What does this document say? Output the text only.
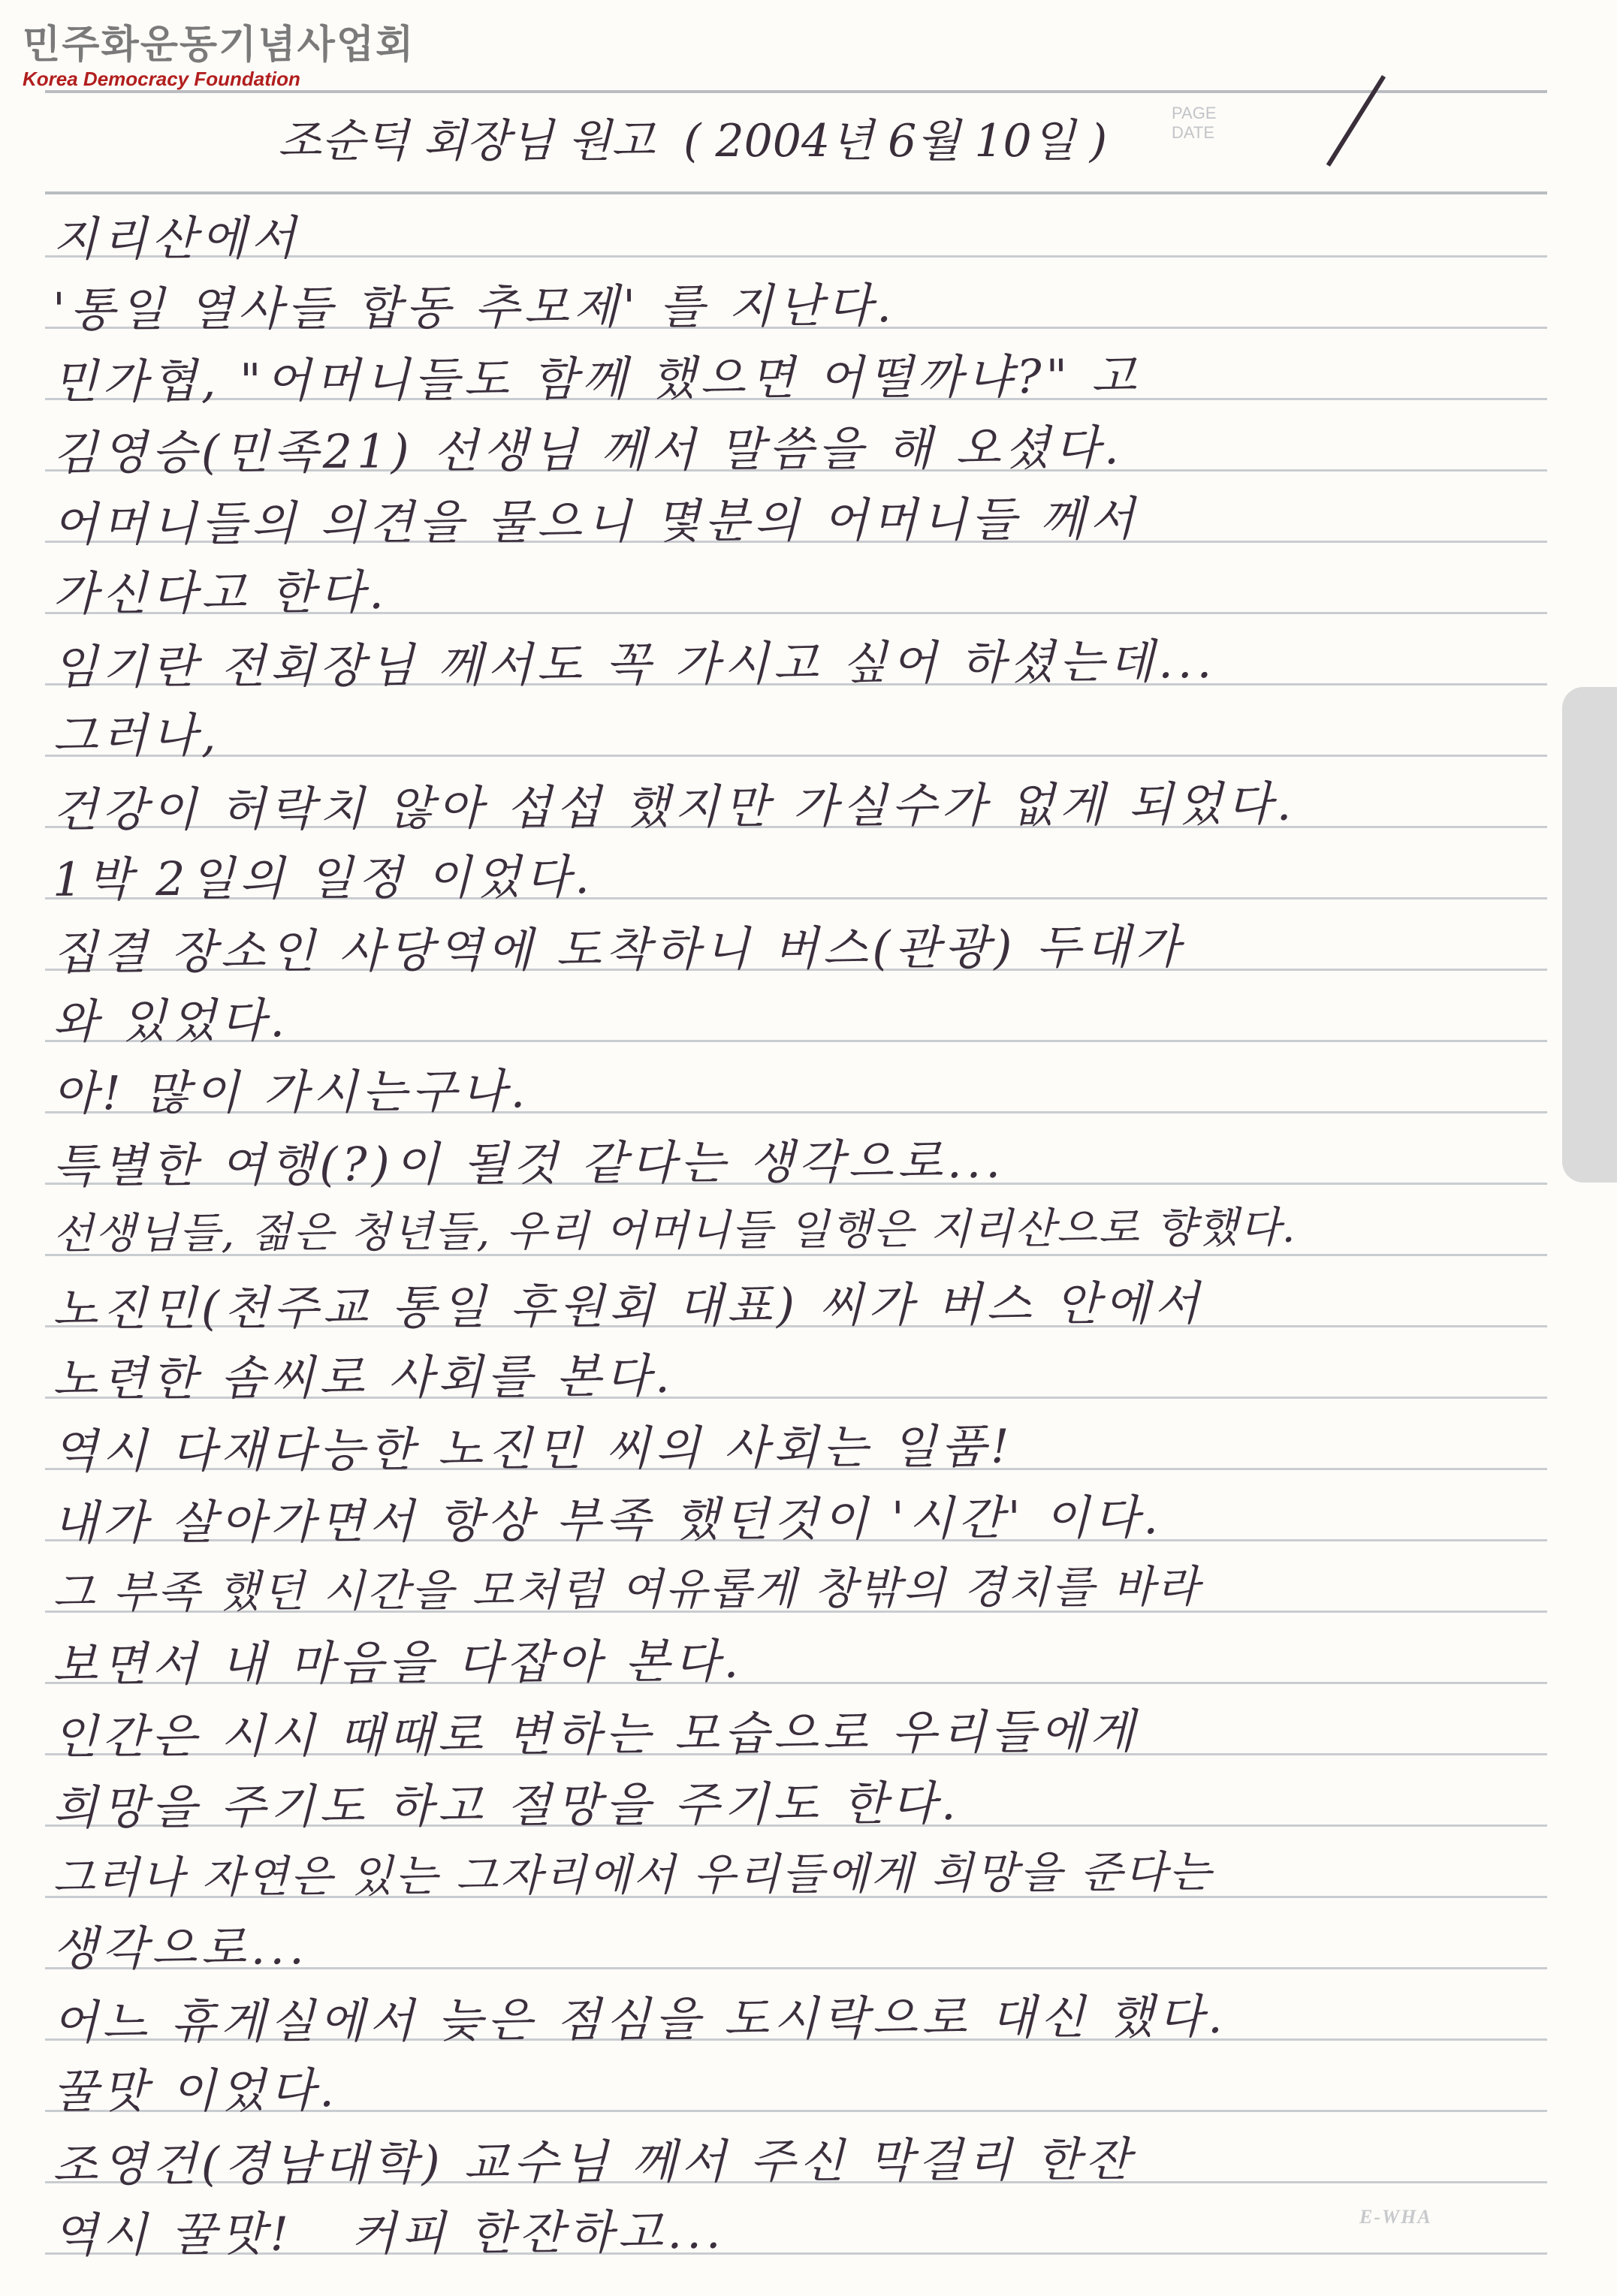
민주화운동기념사업회
Korea Democracy Foundation
조순덕 회장님 원고  ( 2004년 6월 10일 )
PAGE
DATE
지리산에서
'통일 열사들 합동 추모제' 를 지난다.
민가협, "어머니들도 함께 했으면 어떨까냐?" 고
김영승(민족21) 선생님 께서 말씀을 해 오셨다.
어머니들의 의견을 물으니 몇분의 어머니들 께서
가신다고 한다.
임기란 전회장님 께서도 꼭 가시고 싶어 하셨는데...
그러나,
건강이 허락치 않아 섭섭 했지만 가실수가 없게 되었다.
1박 2일의 일정 이었다.
집결 장소인 사당역에 도착하니 버스(관광) 두대가
와 있었다.
아! 많이 가시는구나.
특별한 여행(?)이 될것 같다는 생각으로...
선생님들, 젊은 청년들, 우리 어머니들 일행은 지리산으로 향했다.
노진민(천주교 통일 후원회 대표) 씨가 버스 안에서
노련한 솜씨로 사회를 본다.
역시 다재다능한 노진민 씨의 사회는 일품!
내가 살아가면서 항상 부족 했던것이 '시간' 이다.
그 부족 했던 시간을 모처럼 여유롭게 창밖의 경치를 바라
보면서 내 마음을 다잡아 본다.
인간은 시시 때때로 변하는 모습으로 우리들에게
희망을 주기도 하고 절망을 주기도 한다.
그러나 자연은 있는 그자리에서 우리들에게 희망을 준다는
생각으로...
어느 휴게실에서 늦은 점심을 도시락으로 대신 했다.
꿀맛 이었다.
조영건(경남대학) 교수님 께서 주신 막걸리 한잔
역시 꿀맛!   커피 한잔하고...	E-WHA
